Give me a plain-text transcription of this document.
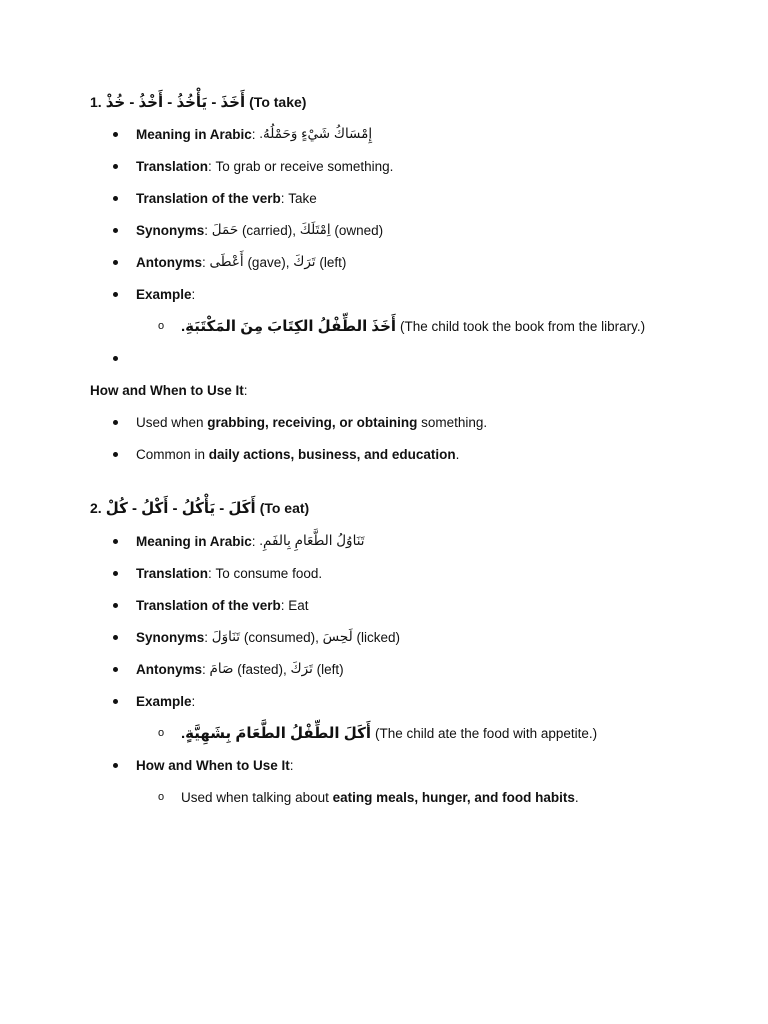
1. أَخَذَ - يَأْخُذُ - أَخْذُ - خُذْ (To take)
Meaning in Arabic : إِمْسَاكُ شَيْءٍ وَحَمْلُهُ.
Translation : To grab or receive something.
Translation of the verb : Take
Synonyms : حَمَلَ
(carried) , اِمْتَلَكَ
(owned)
Antonyms : أَعْطَى
(gave) , تَرَكَ
(left)
Example :
o أَخَذَ الطِّفْلُ الكِتَابَ مِنَ المَكْتَبَةِ. (The child took the book from the library.)
How and When to Use It :
Used when grabbing, receiving, or obtaining something.
Common in daily actions, business, and education .
2. أَكَلَ - يَأْكُلُ - أَكْلُ - كُلْ (To eat)
Meaning in Arabic : تَنَاوُلُ الطَّعَامِ بِالفَمِ.
Translation : To consume food.
Translation of the verb : Eat
Synonyms : تَنَاوَلَ
(consumed) , لَحِسَ
(licked)
Antonyms : صَامَ
(fasted) , تَرَكَ
(left)
Example :
o أَكَلَ الطِّفْلُ الطَّعَامَ بِشَهِيَّةٍ. (The child ate the food with appetite.)
How and When to Use It :
o Used when talking about eating meals, hunger, and food habits .
